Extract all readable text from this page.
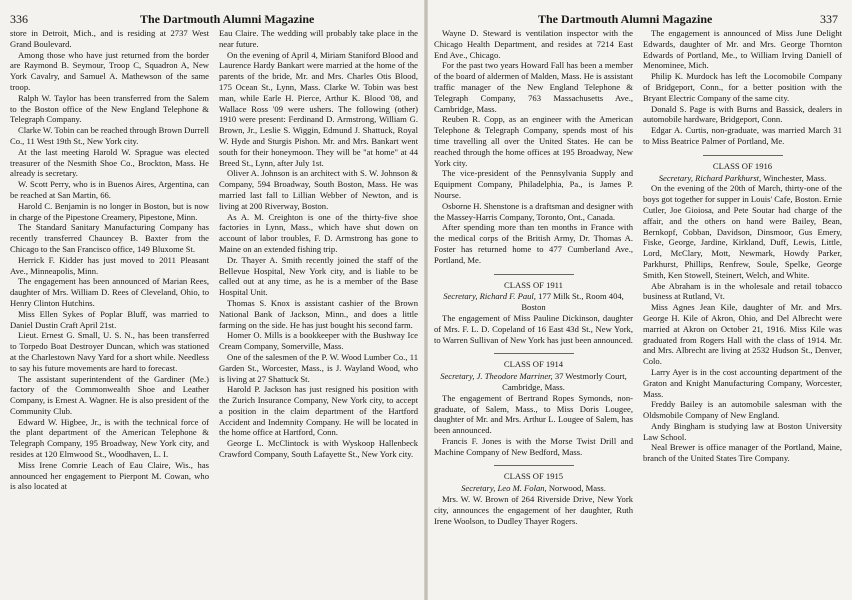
336	The Dartmouth Alumni Magazine

store in Detroit, Mich., and is residing at 2737 West Grand Boulevard.

Among those who have just returned from the border are Raymond B. Seymour, Troop C, Squadron A, New York Cavalry, and Samuel A. Mathewson of the same troop.

Ralph W. Taylor has been transferred from the Salem to the Boston office of the New England Telephone & Telegraph Company.

Clarke W. Tobin can be reached through Brown Durrell Co., 11 West 19th St., New York city.

At the last meeting Harold W. Sprague was elected treasurer of the Nesmith Shoe Co., Brockton, Mass. He already is secretary.

W. Scott Perry, who is in Buenos Aires, Argentina, can be reached at San Martin, 66.

Harold C. Benjamin is no longer in Boston, but is now in charge of the Pipestone Creamery, Pipestone, Minn.

The Standard Sanitary Manufacturing Company has recently transferred Chauncey B. Baxter from the Chicago to the San Francisco office, 149 Bluxome St.

Herrick F. Kidder has just moved to 2011 Pleasant Ave., Minneapolis, Minn.

The engagement has been announced of Marian Rees, daughter of Mrs. William D. Rees of Cleveland, Ohio, to Henry Clinton Hutchins.

Miss Ellen Sykes of Poplar Bluff, was married to Daniel Dustin Craft April 21st.

Lieut. Ernest G. Small, U. S. N., has been transferred to Torpedo Boat Destroyer Duncan, which was stationed at the Charlestown Navy Yard for a short while. Needless to say his future movements are hard to forecast.

The assistant superintendent of the Gardiner (Me.) factory of the Commonwealth Shoe and Leather Company, is Ernest A. Wagner. He is also president of the Community Club.

Edward W. Higbee, Jr., is with the technical force of the plant department of the American Telephone & Telegraph Company, 195 Broadway, New York city, and resides at 120 Elmwood St., Woodhaven, L. I.

Miss Irene Comrie Leach of Eau Claire, Wis., has announced her engagement to Pierpont M. Cowan, who is also located at

Eau Claire. The wedding will probably take place in the near future.

On the evening of April 4, Miriam Staniford Blood and Laurence Hardy Bankart were married at the home of the parents of the bride, Mr. and Mrs. Charles Otis Blood, 175 Ocean St., Lynn, Mass. Clarke W. Tobin was best man, while Earle H. Pierce, Arthur K. Blood '08, and Wallace Ross '09 were ushers. The following (other) 1910 were present: Ferdinand D. Armstrong, William G. Brown, Jr., Leslie S. Wiggin, Edmund J. Shattuck, Royal W. Hyde and Sturgis Pishon. Mr. and Mrs. Bankart went south for their honeymoon. They will be "at home" at 44 Breed St., Lynn, after July 1st.

Oliver A. Johnson is an architect with S. W. Johnson & Company, 594 Broadway, South Boston, Mass. He was married last fall to Lillian Webber of Newton, and is living at 200 Riverway, Boston.

As A. M. Creighton is one of the thirty-five shoe factories in Lynn, Mass., which have shut down on account of labor troubles, F. D. Armstrong has gone to Maine on an extended fishing trip.

Dr. Thayer A. Smith recently joined the staff of the Bellevue Hospital, New York city, and is liable to be called out at any time, as he is a member of the Base Hospital Unit.

Thomas S. Knox is assistant cashier of the Brown National Bank of Jackson, Minn., and does a little farming on the side. He has just bought his second farm.

Homer O. Mills is a bookkeeper with the Bushway Ice Cream Company, Somerville, Mass.

One of the salesmen of the P. W. Wood Lumber Co., 11 Garden St., Worcester, Mass., is J. Wayland Wood, who is living at 27 Shattuck St.

Harold P. Jackson has just resigned his position with the Zurich Insurance Company, New York city, to accept a position in the claim department of the Hartford Accident and Indemnity Company. He will be located in the home office at Hartford, Conn.

George L. McClintock is with Wyskoop Hallenbeck Crawford Company, South Lafayette St., New York city.

The Dartmouth Alumni Magazine	337

Wayne D. Steward is ventilation inspector with the Chicago Health Department, and resides at 7214 East End Ave., Chicago.

For the past two years Howard Fall has been a member of the board of aldermen of Malden, Mass. He is assistant traffic manager of the New England Telephone & Telegraph Company, 763 Massachusetts Ave., Cambridge, Mass.

Reuben R. Copp, as an engineer with the American Telephone & Telegraph Company, spends most of his time travelling all over the United States. He can be reached through the home offices at 195 Broadway, New York city.

The vice-president of the Pennsylvania Supply and Equipment Company, Philadelphia, Pa., is James P. Nourse.

Osborne H. Shenstone is a draftsman and designer with the Massey-Harris Company, Toronto, Ont., Canada.

After spending more than ten months in France with the medical corps of the British Army, Dr. Thomas A. Foster has returned home to 477 Cumberland Ave., Portland, Me.

CLASS OF 1911
Secretary, Richard F. Paul, 177 Milk St., Room 404, Boston

The engagement of Miss Pauline Dickinson, daughter of Mrs. F. L. D. Copeland of 16 East 43d St., New York, to Warren Sullivan of New York has just been announced.

CLASS OF 1914
Secretary, J. Theodore Marriner, 37 Westmorly Court, Cambridge, Mass.

The engagement of Bertrand Ropes Symonds, non-graduate, of Salem, Mass., to Miss Doris Lougee, daughter of Mr. and Mrs. Arthur L. Lougee of Salem, has been announced.

Francis F. Jones is with the Morse Twist Drill and Machine Company of New Bedford, Mass.

CLASS OF 1915
Secretary, Leo M. Folan, Norwood, Mass.

Mrs. W. W. Brown of 264 Riverside Drive, New York city, announces the engagement of her daughter, Ruth Irene Woolson, to Dudley Thayer Rogers.

The engagement is announced of Miss June Delight Edwards, daughter of Mr. and Mrs. George Thornton Edwards of Portland, Me., to William Irving Daniell of Menominee, Mich.

Philip K. Murdock has left the Locomobile Company of Bridgeport, Conn., for a better position with the Bryant Electric Company of the same city.

Donald S. Page is with Burns and Bassick, dealers in automobile hardware, Bridgeport, Conn.

Edgar A. Curtis, non-graduate, was married March 31 to Miss Beatrice Palmer of Portland, Me.

CLASS OF 1916
Secretary, Richard Parkhurst, Winchester, Mass.

On the evening of the 20th of March, thirty-one of the boys got together for supper in Louis' Cafe, Boston. Ernie Cutler, Joe Gioiosa, and Pete Soutar had charge of the affair, and the others on hand were Bailey, Bean, Bernkopf, Cobban, Davidson, Dinsmoor, Gus Emery, Fiske, George, Jardine, Kirkland, Duff, Lewis, Little, Lord, McClary, Mott, Newmark, Howdy Parker, Parkhurst, Phillips, Renfrew, Soule, Spelke, George Smith, Ken Stowell, Steinert, Welch, and White.

Abe Abraham is in the wholesale and retail tobacco business at Rutland, Vt.

Miss Agnes Jean Kile, daughter of Mr. and Mrs. George H. Kile of Akron, Ohio, and Del Albrecht were married at Akron on October 21, 1916. Miss Kile was graduated from Rogers Hall with the class of 1914. Mr. and Mrs. Albrecht are living at 2532 Hudson St., Denver, Colo.

Larry Ayer is in the cost accounting department of the Graton and Knight Manufacturing Company, Worcester, Mass.

Freddy Bailey is an automobile salesman with the Oldsmobile Company of New England.

Andy Bingham is studying law at Boston University Law School.

Neal Brewer is office manager of the Portland, Maine, branch of the United States Tire Company.
